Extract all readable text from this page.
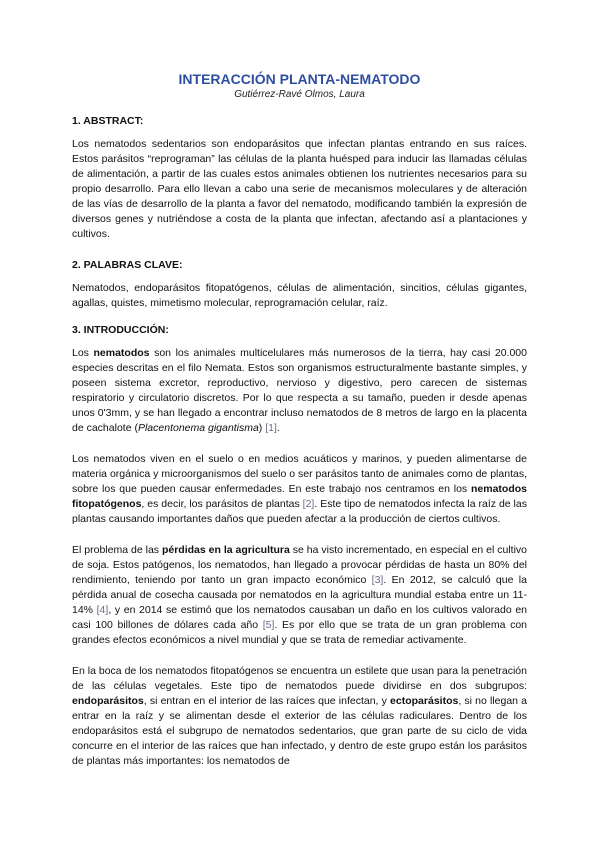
INTERACCIÓN PLANTA-NEMATODO

Gutiérrez-Ravé Olmos, Laura

1. ABSTRACT:

Los nematodos sedentarios son endoparásitos que infectan plantas entrando en sus raíces. Estos parásitos “reprograman” las células de la planta huésped para inducir las llamadas células de alimentación, a partir de las cuales estos animales obtienen los nutrientes necesarios para su propio desarrollo. Para ello llevan a cabo una serie de mecanismos moleculares y de alteración de las vías de desarrollo de la planta a favor del nematodo, modificando también la expresión de diversos genes y nutriéndose a costa de la planta que infectan, afectando así a plantaciones y cultivos.

2. PALABRAS CLAVE:

Nematodos, endoparásitos fitopatógenos, células de alimentación, sincitios, células gigantes, agallas, quistes, mimetismo molecular, reprogramación celular, raíz.

3. INTRODUCCIÓN:

Los nematodos son los animales multicelulares más numerosos de la tierra, hay casi 20.000 especies descritas en el filo Nemata. Estos son organismos estructuralmente bastante simples, y poseen sistema excretor, reproductivo, nervioso y digestivo, pero carecen de sistemas respiratorio y circulatorio discretos. Por lo que respecta a su tamaño, pueden ir desde apenas unos 0'3mm, y se han llegado a encontrar incluso nematodos de 8 metros de largo en la placenta de cachalote (Placentonema gigantisma) [1].

Los nematodos viven en el suelo o en medios acuáticos y marinos, y pueden alimentarse de materia orgánica y microorganismos del suelo o ser parásitos tanto de animales como de plantas, sobre los que pueden causar enfermedades. En este trabajo nos centramos en los nematodos fitopatógenos, es decir, los parásitos de plantas [2]. Este tipo de nematodos infecta la raíz de las plantas causando importantes daños que pueden afectar a la producción de ciertos cultivos.

El problema de las pérdidas en la agricultura se ha visto incrementado, en especial en el cultivo de soja. Estos patógenos, los nematodos, han llegado a provocar pérdidas de hasta un 80% del rendimiento, teniendo por tanto un gran impacto económico [3]. En 2012, se calculó que la pérdida anual de cosecha causada por nematodos en la agricultura mundial estaba entre un 11-14% [4], y en 2014 se estimó que los nematodos causaban un daño en los cultivos valorado en casi 100 billones de dólares cada año [5]. Es por ello que se trata de un gran problema con grandes efectos económicos a nivel mundial y que se trata de remediar activamente.

En la boca de los nematodos fitopatógenos se encuentra un estilete que usan para la penetración de las células vegetales. Este tipo de nematodos puede dividirse en dos subgrupos: endoparásitos, si entran en el interior de las raíces que infectan, y ectoparásitos, si no llegan a entrar en la raíz y se alimentan desde el exterior de las células radiculares. Dentro de los endoparásitos está el subgrupo de nematodos sedentarios, que gran parte de su ciclo de vida concurre en el interior de las raíces que han infectado, y dentro de este grupo están los parásitos de plantas más importantes: los nematodos de
